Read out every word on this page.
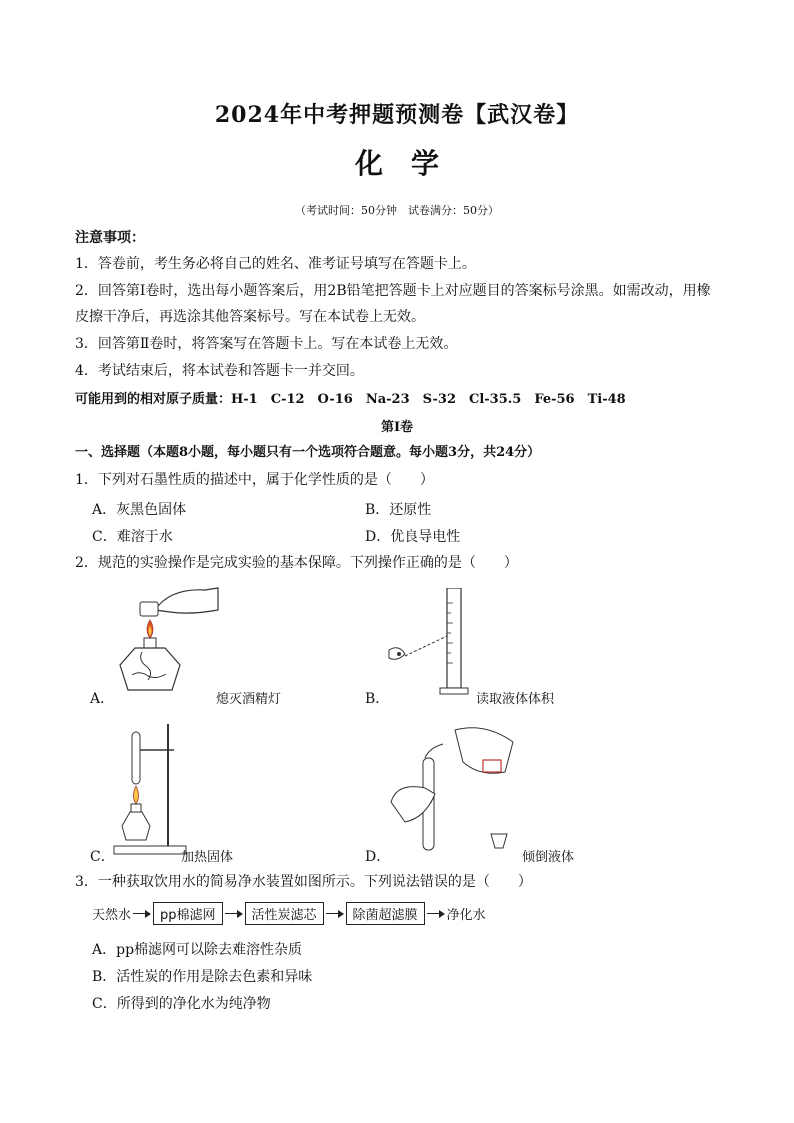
2024年中考押题预测卷【武汉卷】
化学
（考试时间：50分钟　试卷满分：50分）
注意事项：
1．答卷前，考生务必将自己的姓名、准考证号填写在答题卡上。
2．回答第Ⅰ卷时，选出每小题答案后，用2B铅笔把答题卡上对应题目的答案标号涂黑。如需改动，用橡
皮擦干净后，再选涂其他答案标号。写在本试卷上无效。
3．回答第Ⅱ卷时，将答案写在答题卡上。写在本试卷上无效。
4．考试结束后，将本试卷和答题卡一并交回。
可能用到的相对原子质量：H-1　C-12　O-16　Na-23　S-32　Cl-35.5　Fe-56　Ti-48
第Ⅰ卷
一、选择题（本题8小题，每小题只有一个选项符合题意。每小题3分，共24分）
1．下列对石墨性质的描述中，属于化学性质的是（　　）
A．灰黑色固体	B．还原性
C．难溶于水	D．优良导电性
2．规范的实验操作是完成实验的基本保障。下列操作正确的是（　　）
A．	熄灭酒精灯	B．	读取液体体积
C．	加热固体	D．	倾倒液体
3．一种获取饮用水的简易净水装置如图所示。下列说法错误的是（　　）
天然水	pp棉滤网	活性炭滤芯	除菌超滤膜	净化水
A．pp棉滤网可以除去难溶性杂质
B．活性炭的作用是除去色素和异味
C．所得到的净化水为纯净物
